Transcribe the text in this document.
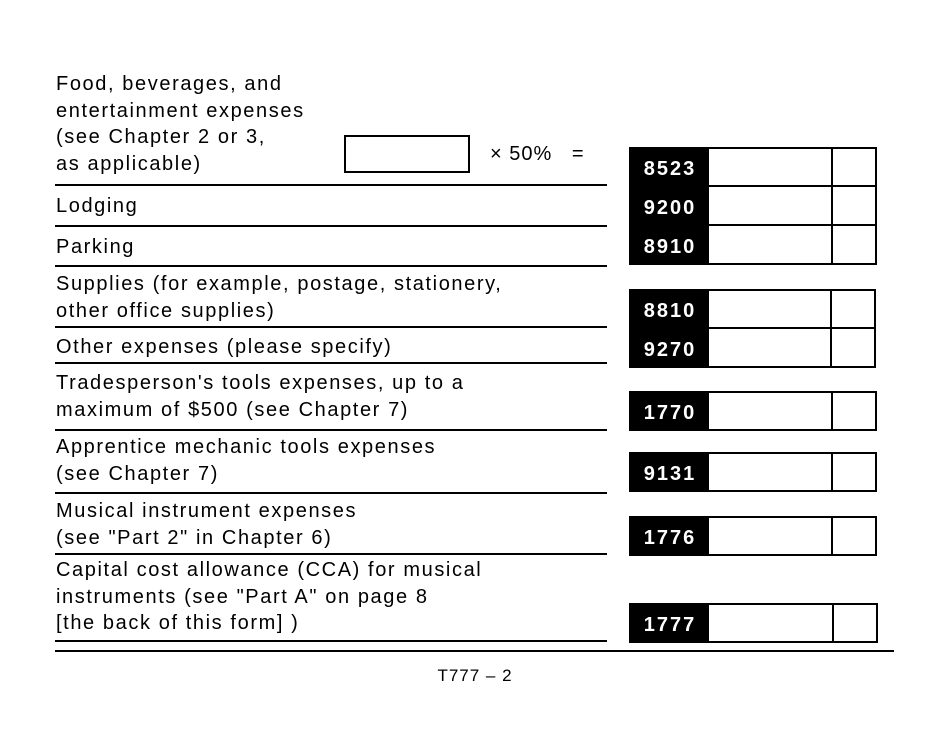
Food, beverages, and
entertainment expenses
(see Chapter 2 or 3,
as applicable)	× 50%   =
8523
Lodging	9200
Parking	8910
Supplies (for example, postage, stationery,
other office supplies)	8810
Other expenses (please specify)	9270
Tradesperson's tools expenses, up to a
maximum of $500 (see Chapter 7)	1770
Apprentice mechanic tools expenses
(see Chapter 7)	9131
Musical instrument expenses
(see "Part 2" in Chapter 6)	1776
Capital cost allowance (CCA) for musical
instruments (see "Part A" on page 8
[the back of this form] )	1777
T777 – 2
